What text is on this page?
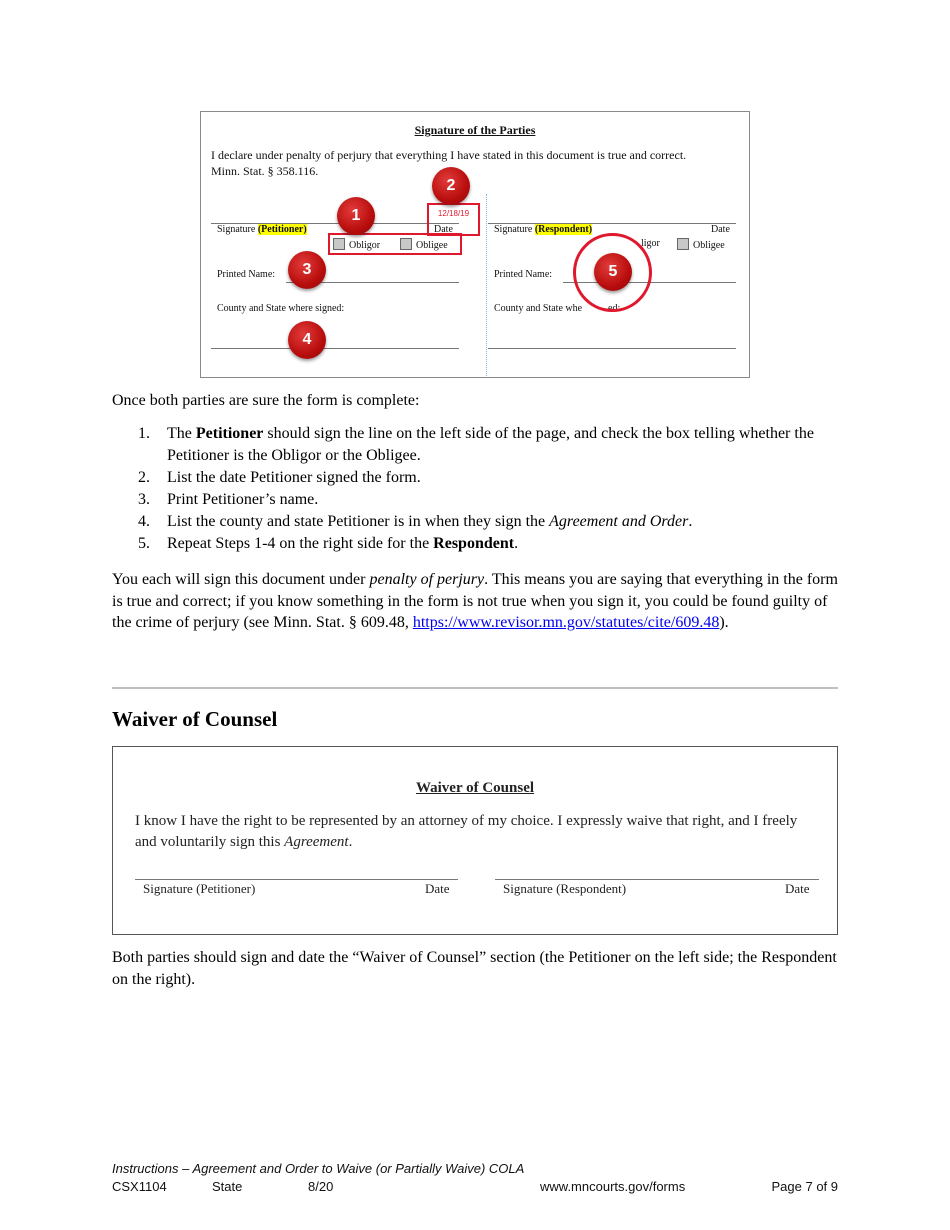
Signature of the Parties
I declare under penalty of perjury that everything I have stated in this document is true and correct. Minn. Stat. § 358.116.
Signature (Petitioner)	Date
Obligor	Obligee
Printed Name:
County and State where signed:
Signature (Respondent)	Date
ligor	Obligee
Printed Name:
County and State whe	ed:
12/18/19
1
2
3
4
5
Once both parties are sure the form is complete:
1. The Petitioner should sign the line on the left side of the page, and check the box telling whether the Petitioner is the Obligor or the Obligee.
2. List the date Petitioner signed the form.
3. Print Petitioner’s name.
4. List the county and state Petitioner is in when they sign the Agreement and Order.
5. Repeat Steps 1-4 on the right side for the Respondent.
You each will sign this document under penalty of perjury. This means you are saying that everything in the form is true and correct; if you know something in the form is not true when you sign it, you could be found guilty of the crime of perjury (see Minn. Stat. § 609.48, https://www.revisor.mn.gov/statutes/cite/609.48).
Waiver of Counsel
Waiver of Counsel
I know I have the right to be represented by an attorney of my choice. I expressly waive that right, and I freely and voluntarily sign this Agreement.
Signature (Petitioner)	Date	Signature (Respondent)	Date
Both parties should sign and date the “Waiver of Counsel” section (the Petitioner on the left side; the Respondent on the right).
Instructions – Agreement and Order to Waive (or Partially Waive) COLA
CSX1104	State	8/20	www.mncourts.gov/forms	Page 7 of 9
